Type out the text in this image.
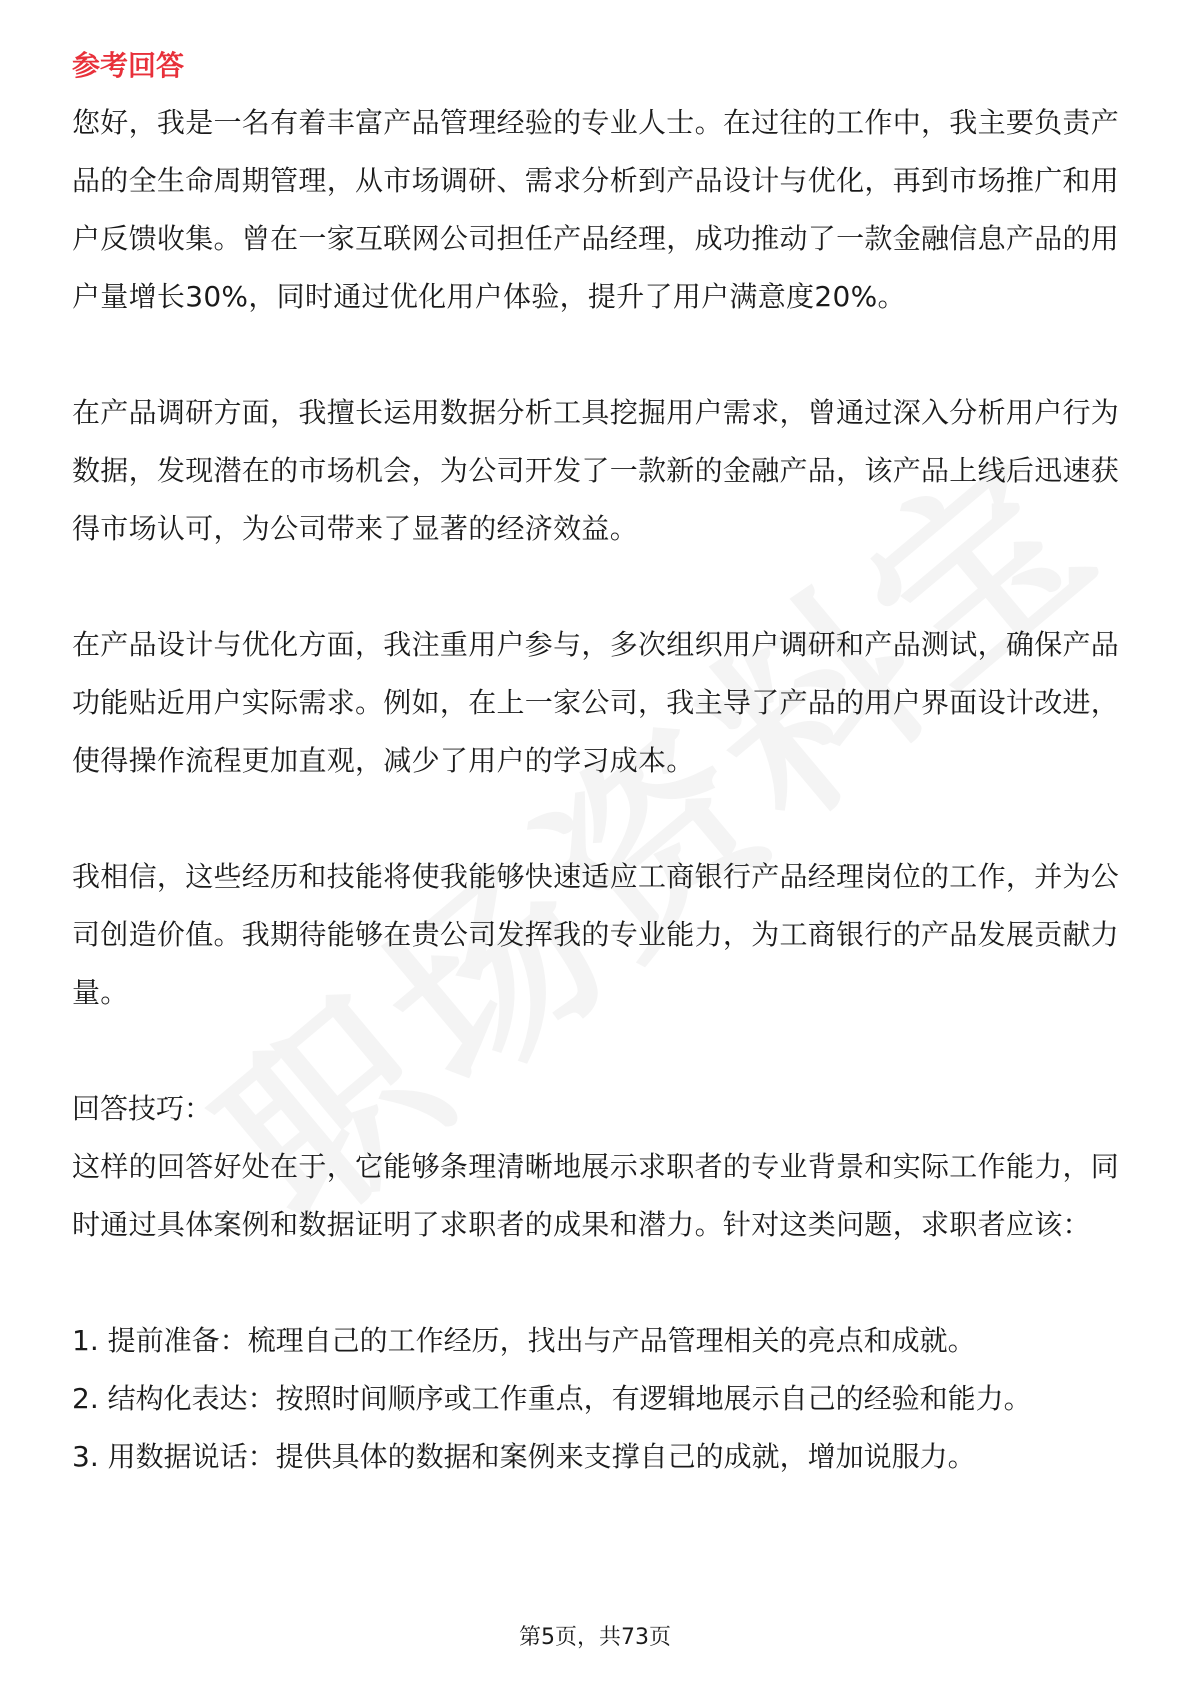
参考回答

您好，我是一名有着丰富产品管理经验的专业人士。在过往的工作中，我主要负责产品的全生命周期管理，从市场调研、需求分析到产品设计与优化，再到市场推广和用户反馈收集。曾在一家互联网公司担任产品经理，成功推动了一款金融信息产品的用户量增长30%，同时通过优化用户体验，提升了用户满意度20%。

在产品调研方面，我擅长运用数据分析工具挖掘用户需求，曾通过深入分析用户行为数据，发现潜在的市场机会，为公司开发了一款新的金融产品，该产品上线后迅速获得市场认可，为公司带来了显著的经济效益。

在产品设计与优化方面，我注重用户参与，多次组织用户调研和产品测试，确保产品功能贴近用户实际需求。例如，在上一家公司，我主导了产品的用户界面设计改进，使得操作流程更加直观，减少了用户的学习成本。

我相信，这些经历和技能将使我能够快速适应工商银行产品经理岗位的工作，并为公司创造价值。我期待能够在贵公司发挥我的专业能力，为工商银行的产品发展贡献力量。

回答技巧：

这样的回答好处在于，它能够条理清晰地展示求职者的专业背景和实际工作能力，同时通过具体案例和数据证明了求职者的成果和潜力。针对这类问题，求职者应该：

1. 提前准备：梳理自己的工作经历，找出与产品管理相关的亮点和成就。
2. 结构化表达：按照时间顺序或工作重点，有逻辑地展示自己的经验和能力。
3. 用数据说话：提供具体的数据和案例来支撑自己的成就，增加说服力。
第5页，共73页
